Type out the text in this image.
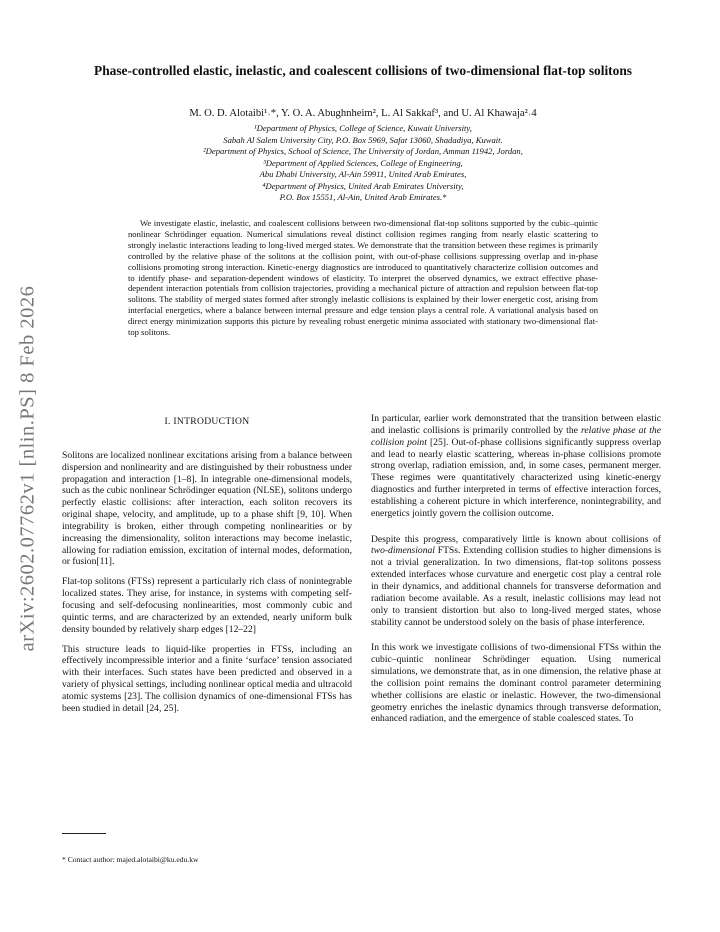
arXiv:2602.07762v1 [nlin.PS] 8 Feb 2026
Phase-controlled elastic, inelastic, and coalescent collisions of two-dimensional flat-top solitons
M. O. D. Alotaibi¹˒*, Y. O. A. Abughnheim², L. Al Sakkaf³, and U. Al Khawaja²˒4
¹Department of Physics, College of Science, Kuwait University,
Sabah Al Salem University City, P.O. Box 5969, Safat 13060, Shadadiya, Kuwait.
²Department of Physics, School of Science, The University of Jordan, Amman 11942, Jordan,
³Department of Applied Sciences, College of Engineering,
Abu Dhabi University, Al-Ain 59911, United Arab Emirates,
⁴Department of Physics, United Arab Emirates University,
P.O. Box 15551, Al-Ain, United Arab Emirates.*
We investigate elastic, inelastic, and coalescent collisions between two-dimensional flat-top solitons supported by the cubic–quintic nonlinear Schrödinger equation. Numerical simulations reveal distinct collision regimes ranging from nearly elastic scattering to strongly inelastic interactions leading to long-lived merged states. We demonstrate that the transition between these regimes is primarily controlled by the relative phase of the solitons at the collision point, with out-of-phase collisions suppressing overlap and in-phase collisions promoting strong interaction. Kinetic-energy diagnostics are introduced to quantitatively characterize collision outcomes and to identify phase- and separation-dependent windows of elasticity. To interpret the observed dynamics, we extract effective phase-dependent interaction potentials from collision trajectories, providing a mechanical picture of attraction and repulsion between flat-top solitons. The stability of merged states formed after strongly inelastic collisions is explained by their lower energetic cost, arising from interfacial energetics, where a balance between internal pressure and edge tension plays a central role. A variational analysis based on direct energy minimization supports this picture by revealing robust energetic minima associated with stationary two-dimensional flat-top solitons.
I. INTRODUCTION

Solitons are localized nonlinear excitations arising from a balance between dispersion and nonlinearity and are distinguished by their robustness under propagation and interaction [1–8]. In integrable one-dimensional models, such as the cubic nonlinear Schrödinger equation (NLSE), solitons undergo perfectly elastic collisions: after interaction, each soliton recovers its original shape, velocity, and amplitude, up to a phase shift [9, 10]. When integrability is broken, either through competing nonlinearities or by increasing the dimensionality, soliton interactions may become inelastic, allowing for radiation emission, excitation of internal modes, deformation, or fusion[11].

Flat-top solitons (FTSs) represent a particularly rich class of nonintegrable localized states. They arise, for instance, in systems with competing self-focusing and self-defocusing nonlinearities, most commonly cubic and quintic terms, and are characterized by an extended, nearly uniform bulk density bounded by relatively sharp edges [12–22]

This structure leads to liquid-like properties in FTSs, including an effectively incompressible interior and a finite ‘surface’ tension associated with their interfaces. Such states have been predicted and observed in a variety of physical settings, including nonlinear optical media and ultracold atomic systems [23]. The collision dynamics of one-dimensional FTSs has been studied in detail [24, 25].

In particular, earlier work demonstrated that the transition between elastic and inelastic collisions is primarily controlled by the relative phase at the collision point [25]. Out-of-phase collisions significantly suppress overlap and lead to nearly elastic scattering, whereas in-phase collisions promote strong overlap, radiation emission, and, in some cases, permanent merger. These regimes were quantitatively characterized using kinetic-energy diagnostics and further interpreted in terms of effective interaction forces, establishing a coherent picture in which interference, nonintegrability, and energetics jointly govern the collision outcome.

Despite this progress, comparatively little is known about collisions of two-dimensional FTSs. Extending collision studies to higher dimensions is not a trivial generalization. In two dimensions, flat-top solitons possess extended interfaces whose curvature and energetic cost play a central role in their dynamics, and additional channels for transverse deformation and radiation become available. As a result, inelastic collisions may lead not only to transient distortion but also to long-lived merged states, whose stability cannot be understood solely on the basis of phase interference.

In this work we investigate collisions of two-dimensional FTSs within the cubic–quintic nonlinear Schrödinger equation. Using numerical simulations, we demonstrate that, as in one dimension, the relative phase at the collision point remains the dominant control parameter determining whether collisions are elastic or inelastic. However, the two-dimensional geometry enriches the inelastic dynamics through transverse deformation, enhanced radiation, and the emergence of stable coalesced states. To

* Contact author: majed.alotaibi@ku.edu.kw
